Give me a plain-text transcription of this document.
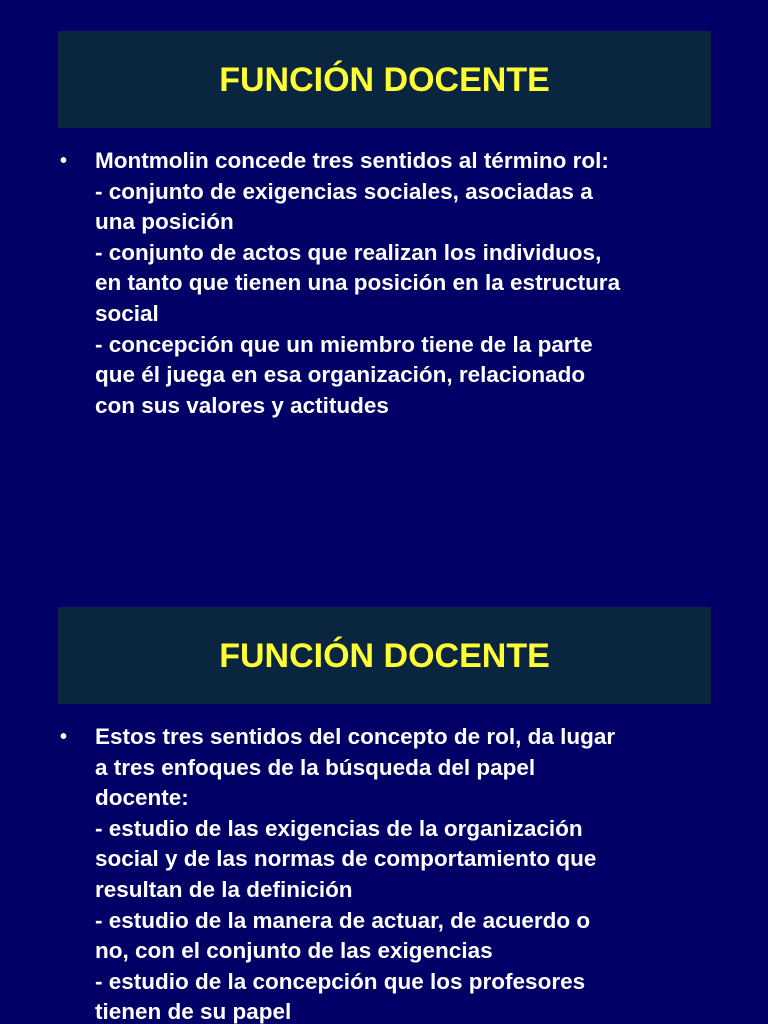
FUNCIÓN DOCENTE
•	Montmolin concede tres sentidos al término rol:
- conjunto de exigencias sociales, asociadas a
una posición
- conjunto de actos que realizan los individuos,
en tanto que tienen una posición en la estructura
social
- concepción que un miembro tiene de la parte
que él juega en esa organización, relacionado
con sus valores y actitudes
FUNCIÓN DOCENTE
•	Estos tres sentidos del concepto de rol, da lugar
a tres enfoques de la búsqueda del papel
docente:
- estudio de las exigencias de la organización
social y de las normas de comportamiento que
resultan de la definición
- estudio de la manera de actuar, de acuerdo o
no, con el conjunto de las exigencias
- estudio de la concepción que los profesores
tienen de su papel
